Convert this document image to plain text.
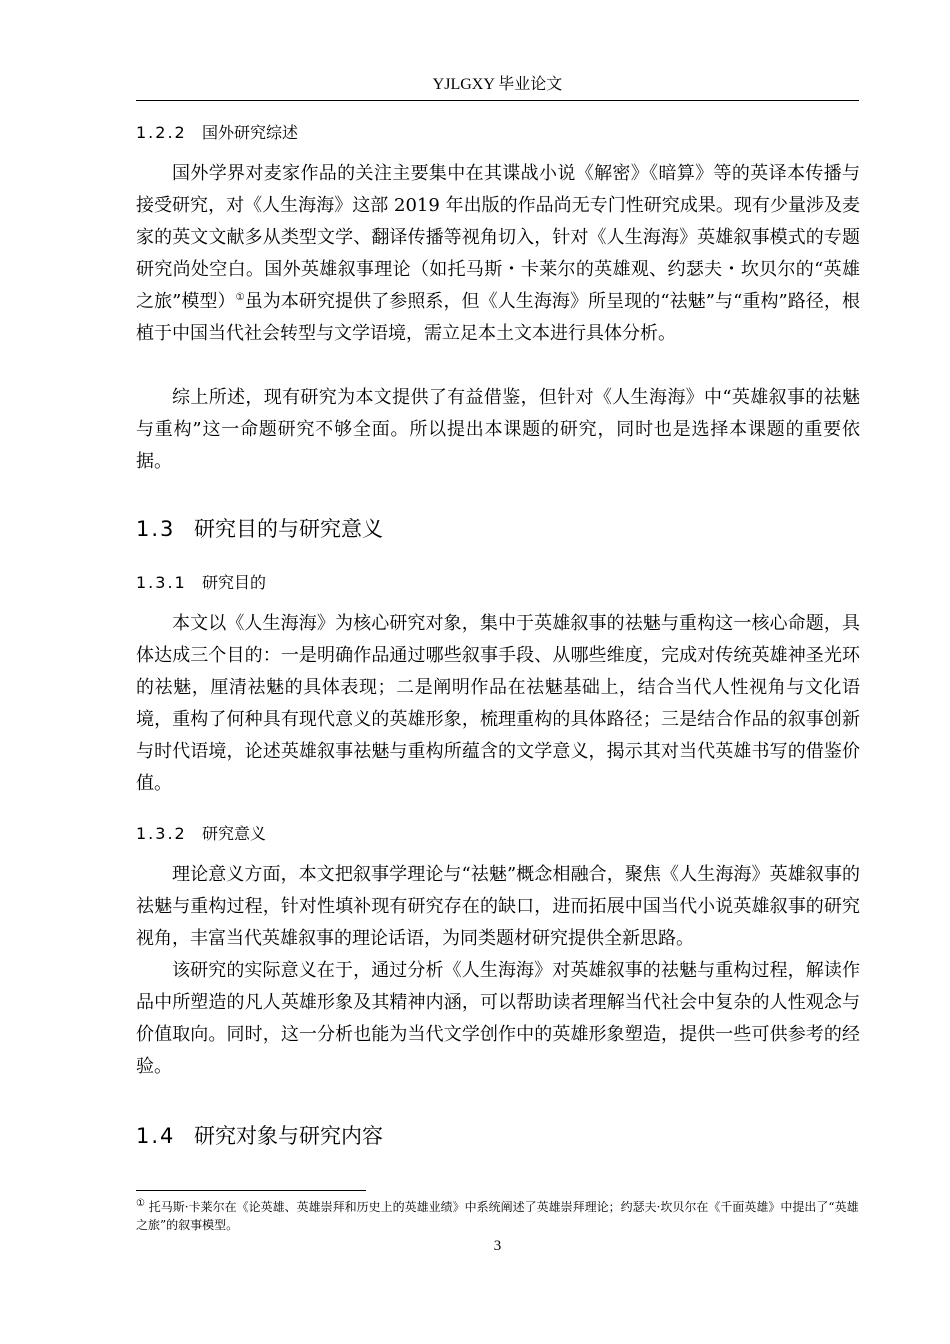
YJLGXY 毕业论文
1.2.2 国外研究综述

国外学界对麦家作品的关注主要集中在其谍战小说《解密》《暗算》等的英译本传播与接受研究，对《人生海海》这部 2019 年出版的作品尚无专门性研究成果。现有少量涉及麦家的英文文献多从类型文学、翻译传播等视角切入，针对《人生海海》英雄叙事模式的专题研究尚处空白。国外英雄叙事理论（如托马斯・卡莱尔的英雄观、约瑟夫・坎贝尔的“英雄之旅”模型）①虽为本研究提供了参照系，但《人生海海》所呈现的“祛魅”与“重构”路径，根植于中国当代社会转型与文学语境，需立足本土文本进行具体分析。

综上所述，现有研究为本文提供了有益借鉴，但针对《人生海海》中“英雄叙事的祛魅与重构”这一命题研究不够全面。所以提出本课题的研究，同时也是选择本课题的重要依据。

1.3 研究目的与研究意义
1.3.1 研究目的

本文以《人生海海》为核心研究对象，集中于英雄叙事的祛魅与重构这一核心命题，具体达成三个目的：一是明确作品通过哪些叙事手段、从哪些维度，完成对传统英雄神圣光环的祛魅，厘清祛魅的具体表现；二是阐明作品在祛魅基础上，结合当代人性视角与文化语境，重构了何种具有现代意义的英雄形象，梳理重构的具体路径；三是结合作品的叙事创新与时代语境，论述英雄叙事祛魅与重构所蕴含的文学意义，揭示其对当代英雄书写的借鉴价值。

1.3.2 研究意义

理论意义方面，本文把叙事学理论与“祛魅”概念相融合，聚焦《人生海海》英雄叙事的祛魅与重构过程，针对性填补现有研究存在的缺口，进而拓展中国当代小说英雄叙事的研究视角，丰富当代英雄叙事的理论话语，为同类题材研究提供全新思路。

该研究的实际意义在于，通过分析《人生海海》对英雄叙事的祛魅与重构过程，解读作品中所塑造的凡人英雄形象及其精神内涵，可以帮助读者理解当代社会中复杂的人性观念与价值取向。同时，这一分析也能为当代文学创作中的英雄形象塑造，提供一些可供参考的经验。

1.4 研究对象与研究内容

① 托马斯·卡莱尔在《论英雄、英雄崇拜和历史上的英雄业绩》中系统阐述了英雄崇拜理论；约瑟夫·坎贝尔在《千面英雄》中提出了“英雄之旅”的叙事模型。

3
